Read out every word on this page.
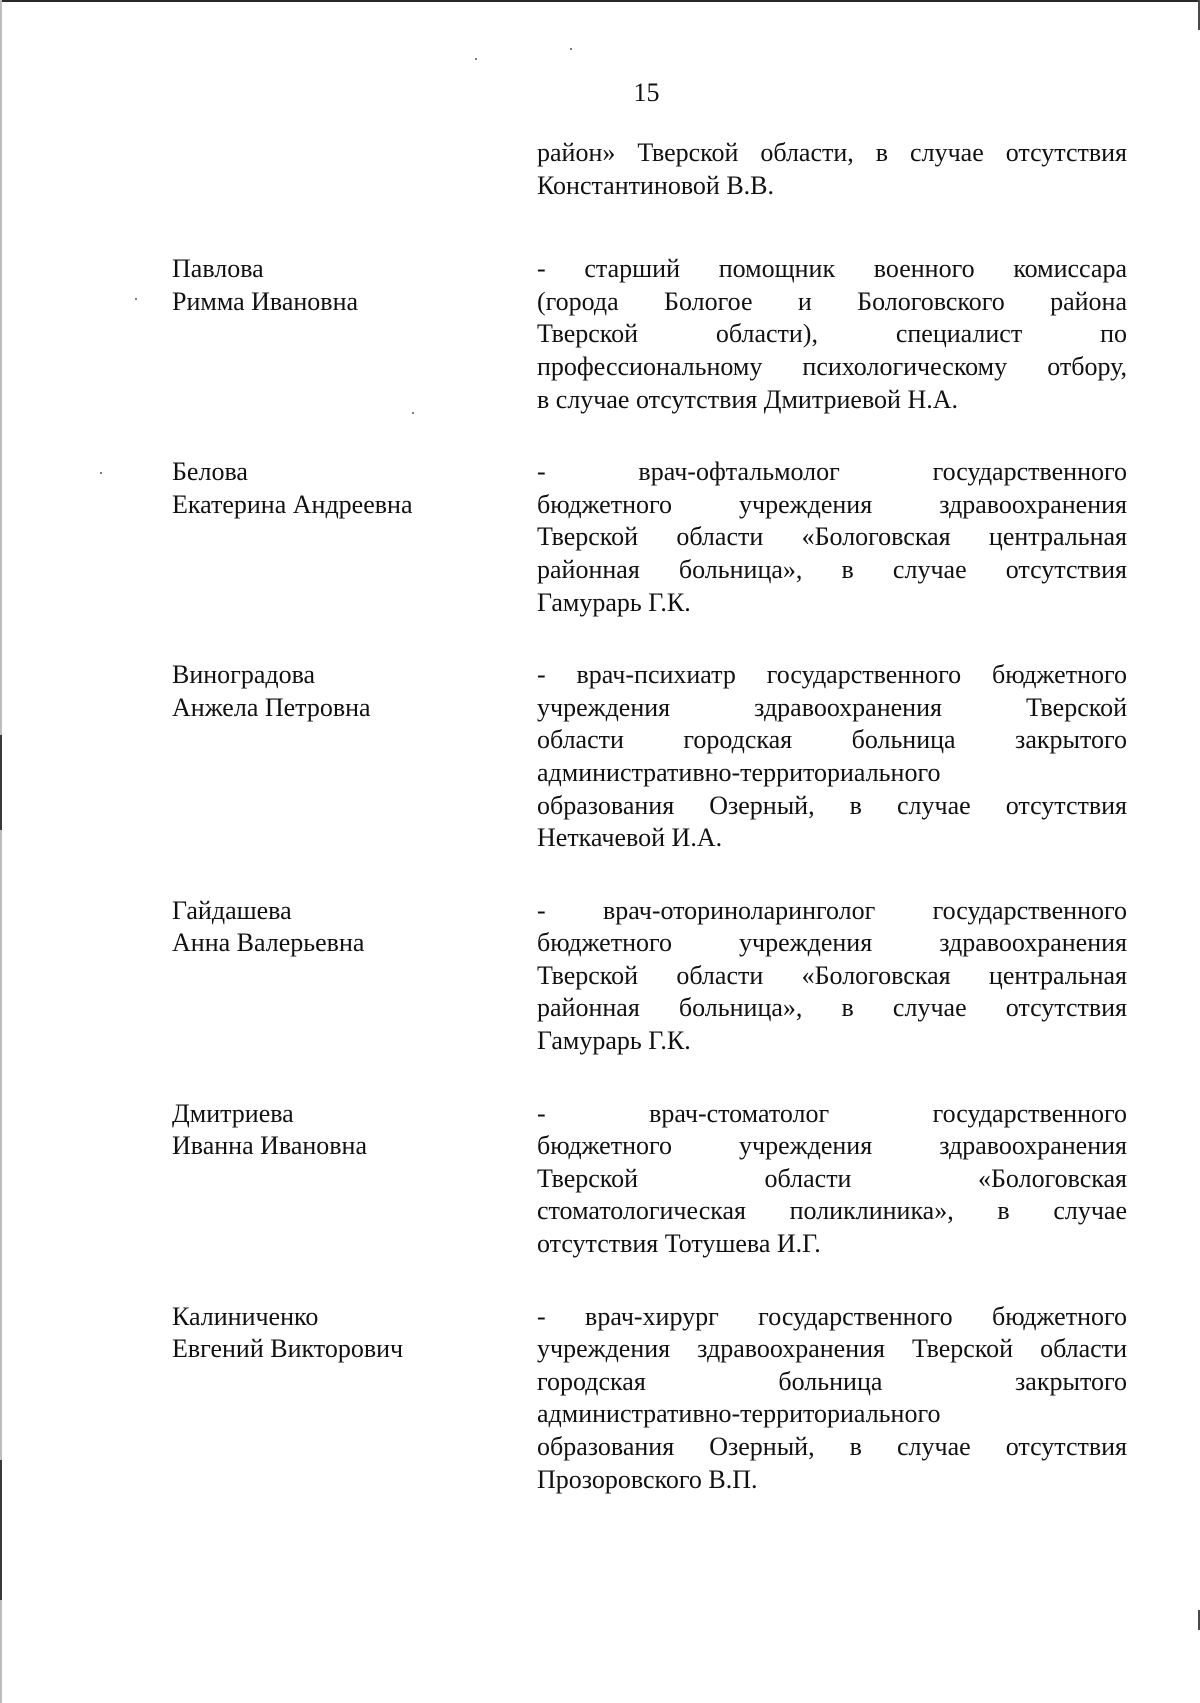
15
район» Тверской области, в случае отсутствия
Константиновой В.В.
Павлова
Римма Ивановна
- старший помощник военного комиссара
(города Бологое и Бологовского района
Тверской области), специалист по
профессиональному психологическому отбору,
в случае отсутствия Дмитриевой Н.А.
Белова
Екатерина Андреевна
- врач-офтальмолог государственного
бюджетного учреждения здравоохранения
Тверской области «Бологовская центральная
районная больница», в случае отсутствия
Гамурарь Г.К.
Виноградова
Анжела Петровна
- врач-психиатр государственного бюджетного
учреждения здравоохранения Тверской
области городская больница закрытого
административно-территориального
образования Озерный, в случае отсутствия
Неткачевой И.А.
Гайдашева
Анна Валерьевна
- врач-оториноларинголог государственного
бюджетного учреждения здравоохранения
Тверской области «Бологовская центральная
районная больница», в случае отсутствия
Гамурарь Г.К.
Дмитриева
Иванна Ивановна
- врач-стоматолог государственного
бюджетного учреждения здравоохранения
Тверской области «Бологовская
стоматологическая поликлиника», в случае
отсутствия Тотушева И.Г.
Калиниченко
Евгений Викторович
- врач-хирург государственного бюджетного
учреждения здравоохранения Тверской области
городская больница закрытого
административно-территориального
образования Озерный, в случае отсутствия
Прозоровского В.П.
